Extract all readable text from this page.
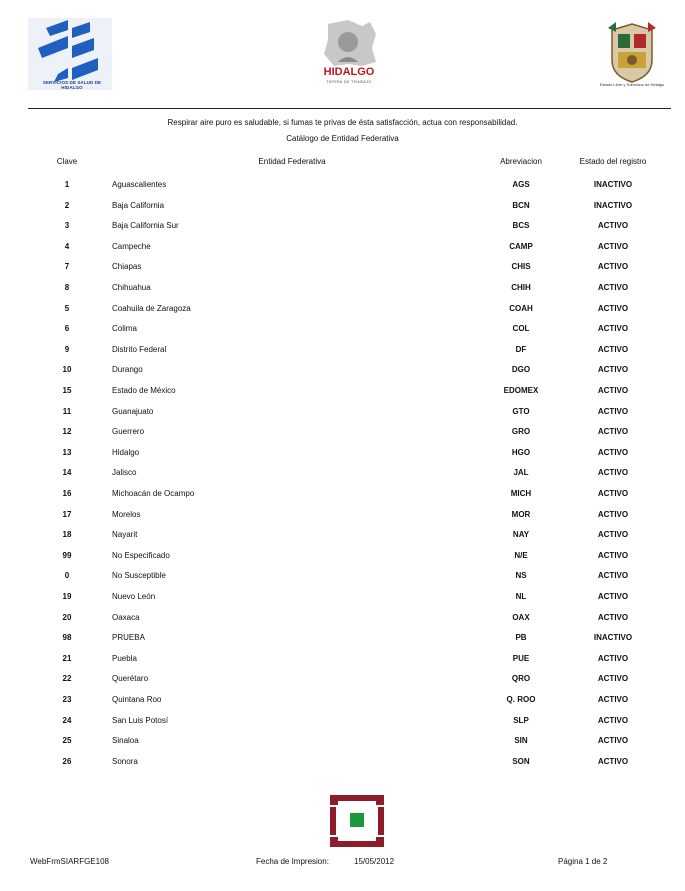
SERVICIOS DE SALUD DE HIDALGO
HIDALGO
TIERRA DE TRABAJO
Estado Libre y Soberano de Hidalgo
Respirar aire puro es saludable, si fumas te privas de ésta satisfacción, actua con responsabilidad.
Catálogo de Entidad Federativa
Clave	Entidad Federativa	Abreviacion	Estado del registro
1	Aguascalientes	AGS	INACTIVO
2	Baja California	BCN	INACTIVO
3	Baja California Sur	BCS	ACTIVO
4	Campeche	CAMP	ACTIVO
7	Chiapas	CHIS	ACTIVO
8	Chihuahua	CHIH	ACTIVO
5	Coahuila de Zaragoza	COAH	ACTIVO
6	Colima	COL	ACTIVO
9	Distrito Federal	DF	ACTIVO
10	Durango	DGO	ACTIVO
15	Estado de México	EDOMEX	ACTIVO
11	Guanajuato	GTO	ACTIVO
12	Guerrero	GRO	ACTIVO
13	Hidalgo	HGO	ACTIVO
14	Jalisco	JAL	ACTIVO
16	Michoacán de Ocampo	MICH	ACTIVO
17	Morelos	MOR	ACTIVO
18	Nayarit	NAY	ACTIVO
99	No Especificado	N/E	ACTIVO
0	No Susceptible	NS	ACTIVO
19	Nuevo León	NL	ACTIVO
20	Oaxaca	OAX	ACTIVO
98	PRUEBA	PB	INACTIVO
21	Puebla	PUE	ACTIVO
22	Querétaro	QRO	ACTIVO
23	Quintana Roo	Q. ROO	ACTIVO
24	San Luis Potosí	SLP	ACTIVO
25	Sinaloa	SIN	ACTIVO
26	Sonora	SON	ACTIVO
WebFrmSIARFGE108	Fecha de Impresion:	15/05/2012	Página 1 de 2
